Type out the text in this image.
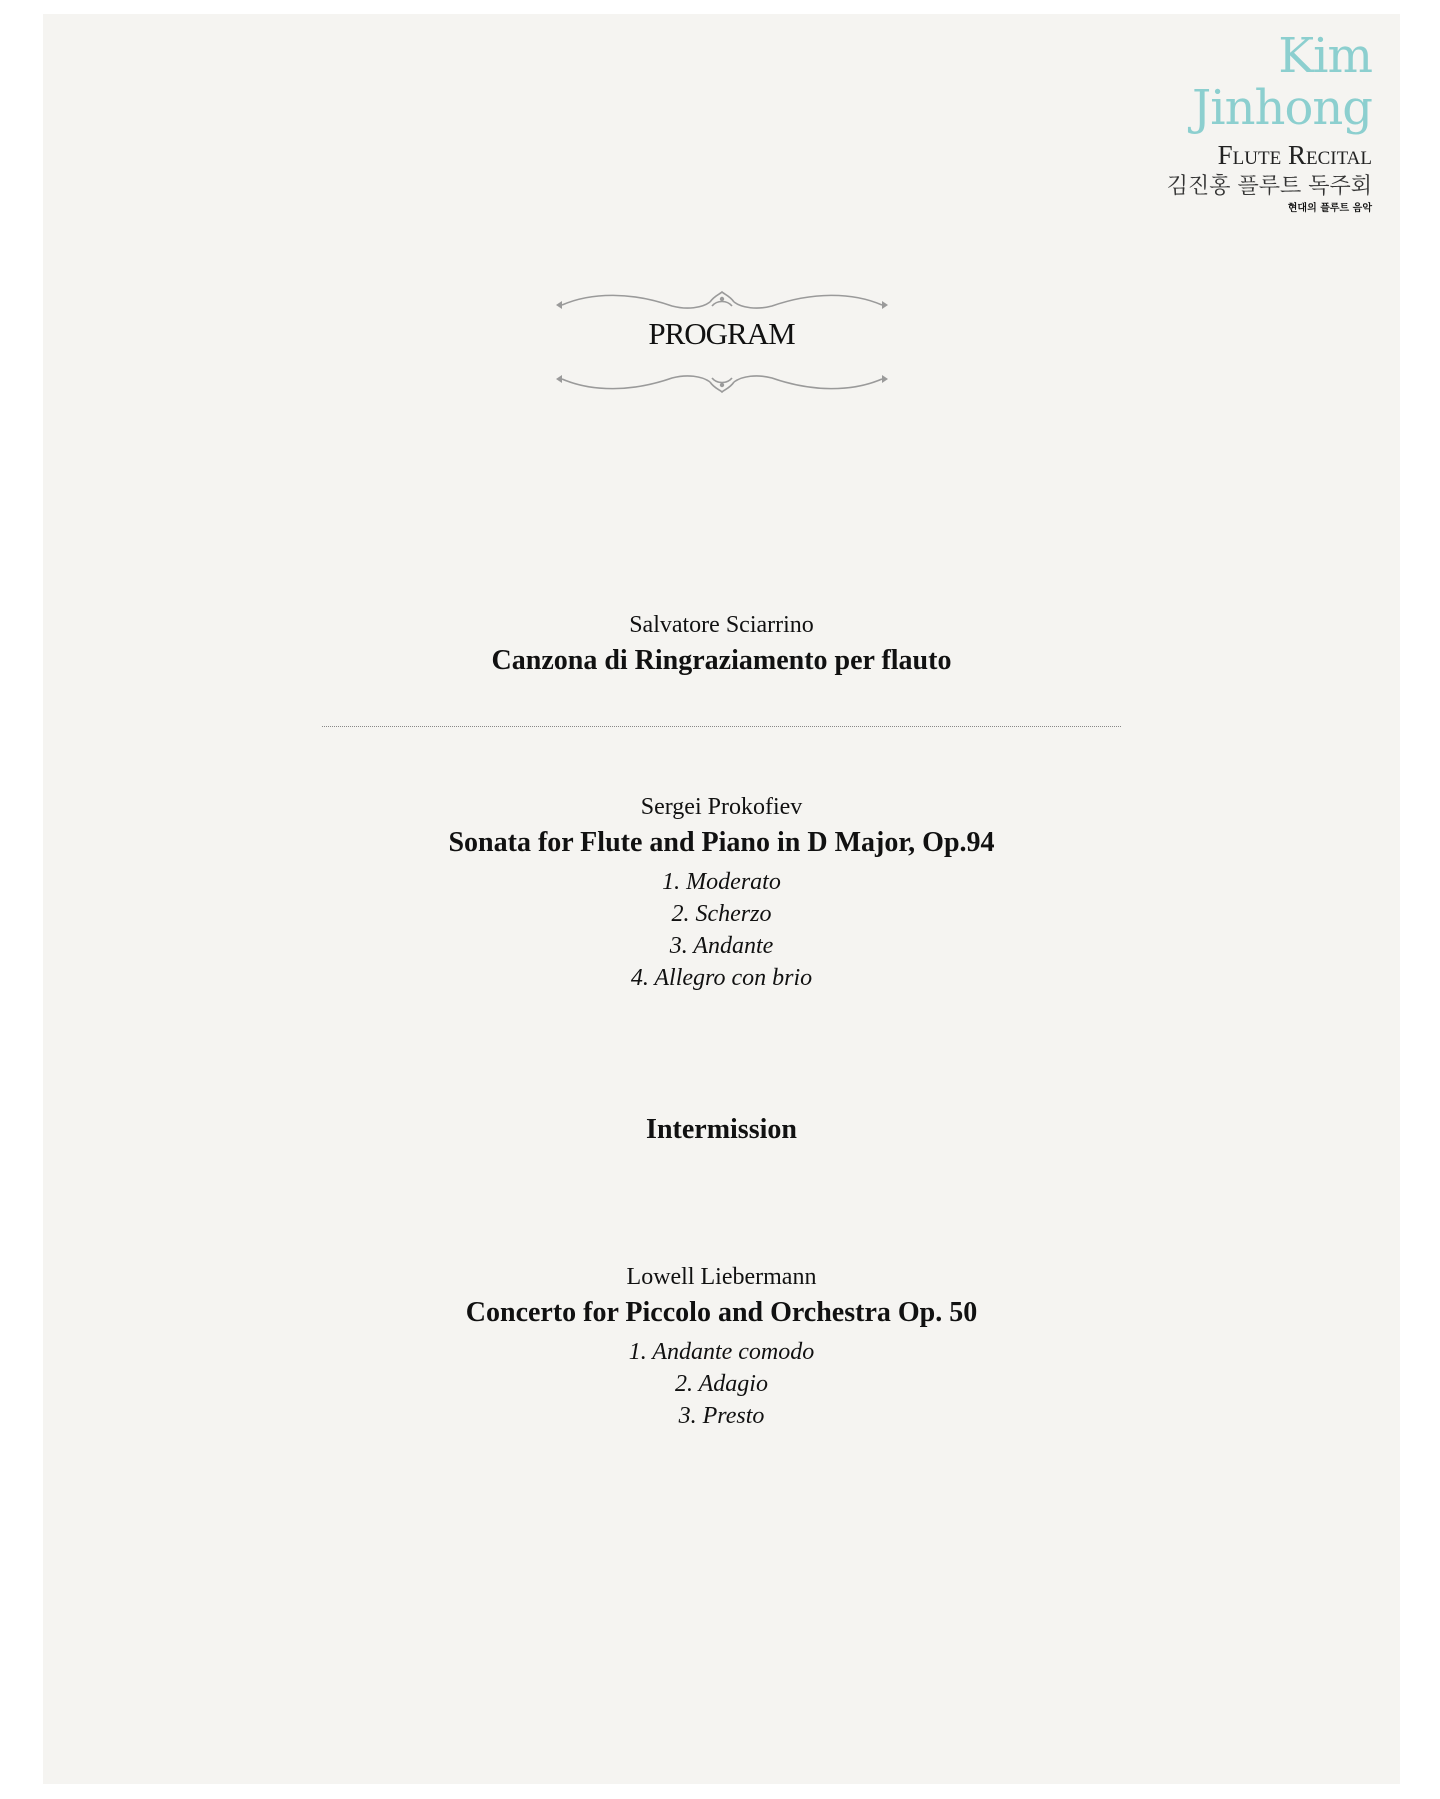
Kim
Jinhong
Flute Recital
김진홍 플루트 독주회
현대의 플루트 음악
PROGRAM
Salvatore Sciarrino
Canzona di Ringraziamento per flauto
Sergei Prokofiev
Sonata for Flute and Piano in D Major, Op.94
1. Moderato
2. Scherzo
3. Andante
4. Allegro con brio
Intermission
Lowell Liebermann
Concerto for Piccolo and Orchestra Op. 50
1. Andante comodo
2. Adagio
3. Presto
